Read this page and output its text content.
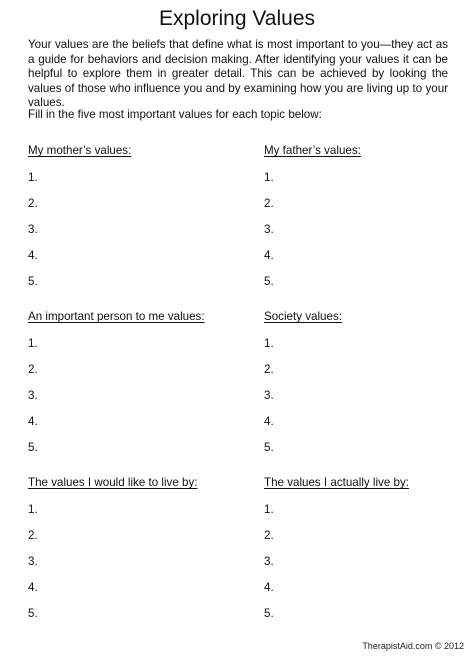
Exploring Values
Your values are the beliefs that define what is most important to you—they act as a guide for behaviors and decision making. After identifying your values it can be helpful to explore them in greater detail. This can be achieved by looking the values of those who influence you and by examining how you are living up to your values.
Fill in the five most important values for each topic below:
My mother’s values:
1.
2.
3.
4.
5.
My father’s values:
1.
2.
3.
4.
5.
An important person to me values:
1.
2.
3.
4.
5.
Society values:
1.
2.
3.
4.
5.
The values I would like to live by:
1.
2.
3.
4.
5.
The values I actually live by:
1.
2.
3.
4.
5.
TherapistAid.com © 2012
